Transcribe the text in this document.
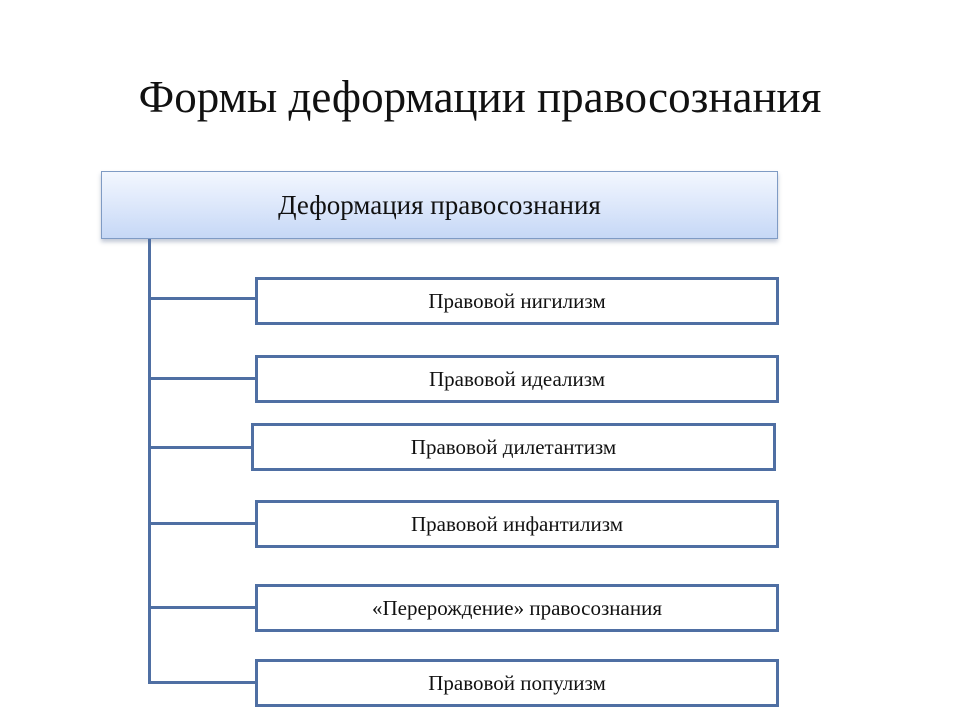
Формы деформации правосознания
Деформация правосознания
Правовой нигилизм
Правовой идеализм
Правовой дилетантизм
Правовой инфантилизм
«Перерождение» правосознания
Правовой популизм
